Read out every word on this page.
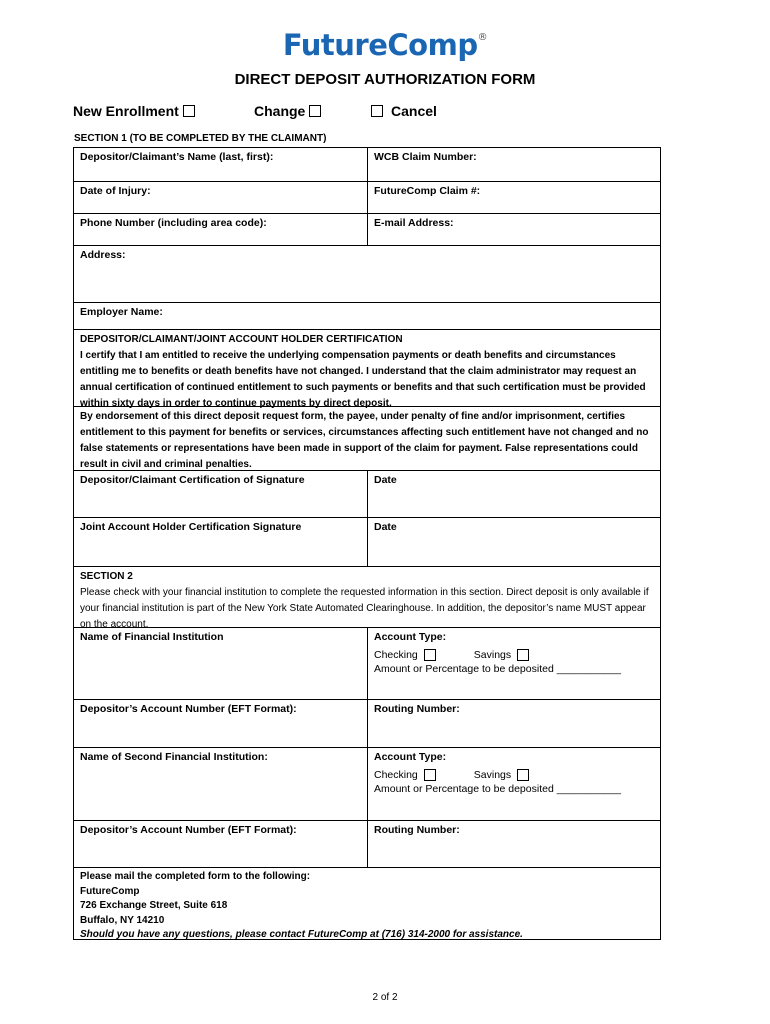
FutureComp®
DIRECT DEPOSIT AUTHORIZATION FORM
New Enrollment	Change	Cancel
SECTION 1 (TO BE COMPLETED BY THE CLAIMANT)
Depositor/Claimant’s Name (last, first):	WCB Claim Number:
Date of Injury:	FutureComp Claim #:
Phone Number (including area code):	E-mail Address:
Address:
Employer Name:
DEPOSITOR/CLAIMANT/JOINT ACCOUNT HOLDER CERTIFICATION
I certify that I am entitled to receive the underlying compensation payments or death benefits and circumstances entitling me to benefits or death benefits have not changed. I understand that the claim administrator may request an annual certification of continued entitlement to such payments or benefits and that such certification must be provided within sixty days in order to continue payments by direct deposit.
By endorsement of this direct deposit request form, the payee, under penalty of fine and/or imprisonment, certifies entitlement to this payment for benefits or services, circumstances affecting such entitlement have not changed and no false statements or representations have been made in support of the claim for payment. False representations could result in civil and criminal penalties.
Depositor/Claimant Certification of Signature	Date
Joint Account Holder Certification Signature	Date
SECTION 2
Please check with your financial institution to complete the requested information in this section. Direct deposit is only available if your financial institution is part of the New York State Automated Clearinghouse. In addition, the depositor’s name MUST appear on the account.
Name of Financial Institution	Account Type:
Checking	Savings
Amount or Percentage to be deposited ___________
Depositor’s Account Number (EFT Format):	Routing Number:
Name of Second Financial Institution:	Account Type:
Checking	Savings
Amount or Percentage to be deposited ___________
Depositor’s Account Number (EFT Format):	Routing Number:
Please mail the completed form to the following:
FutureComp
726 Exchange Street, Suite 618
Buffalo, NY 14210
Should you have any questions, please contact FutureComp at (716) 314-2000 for assistance.
2 of 2
